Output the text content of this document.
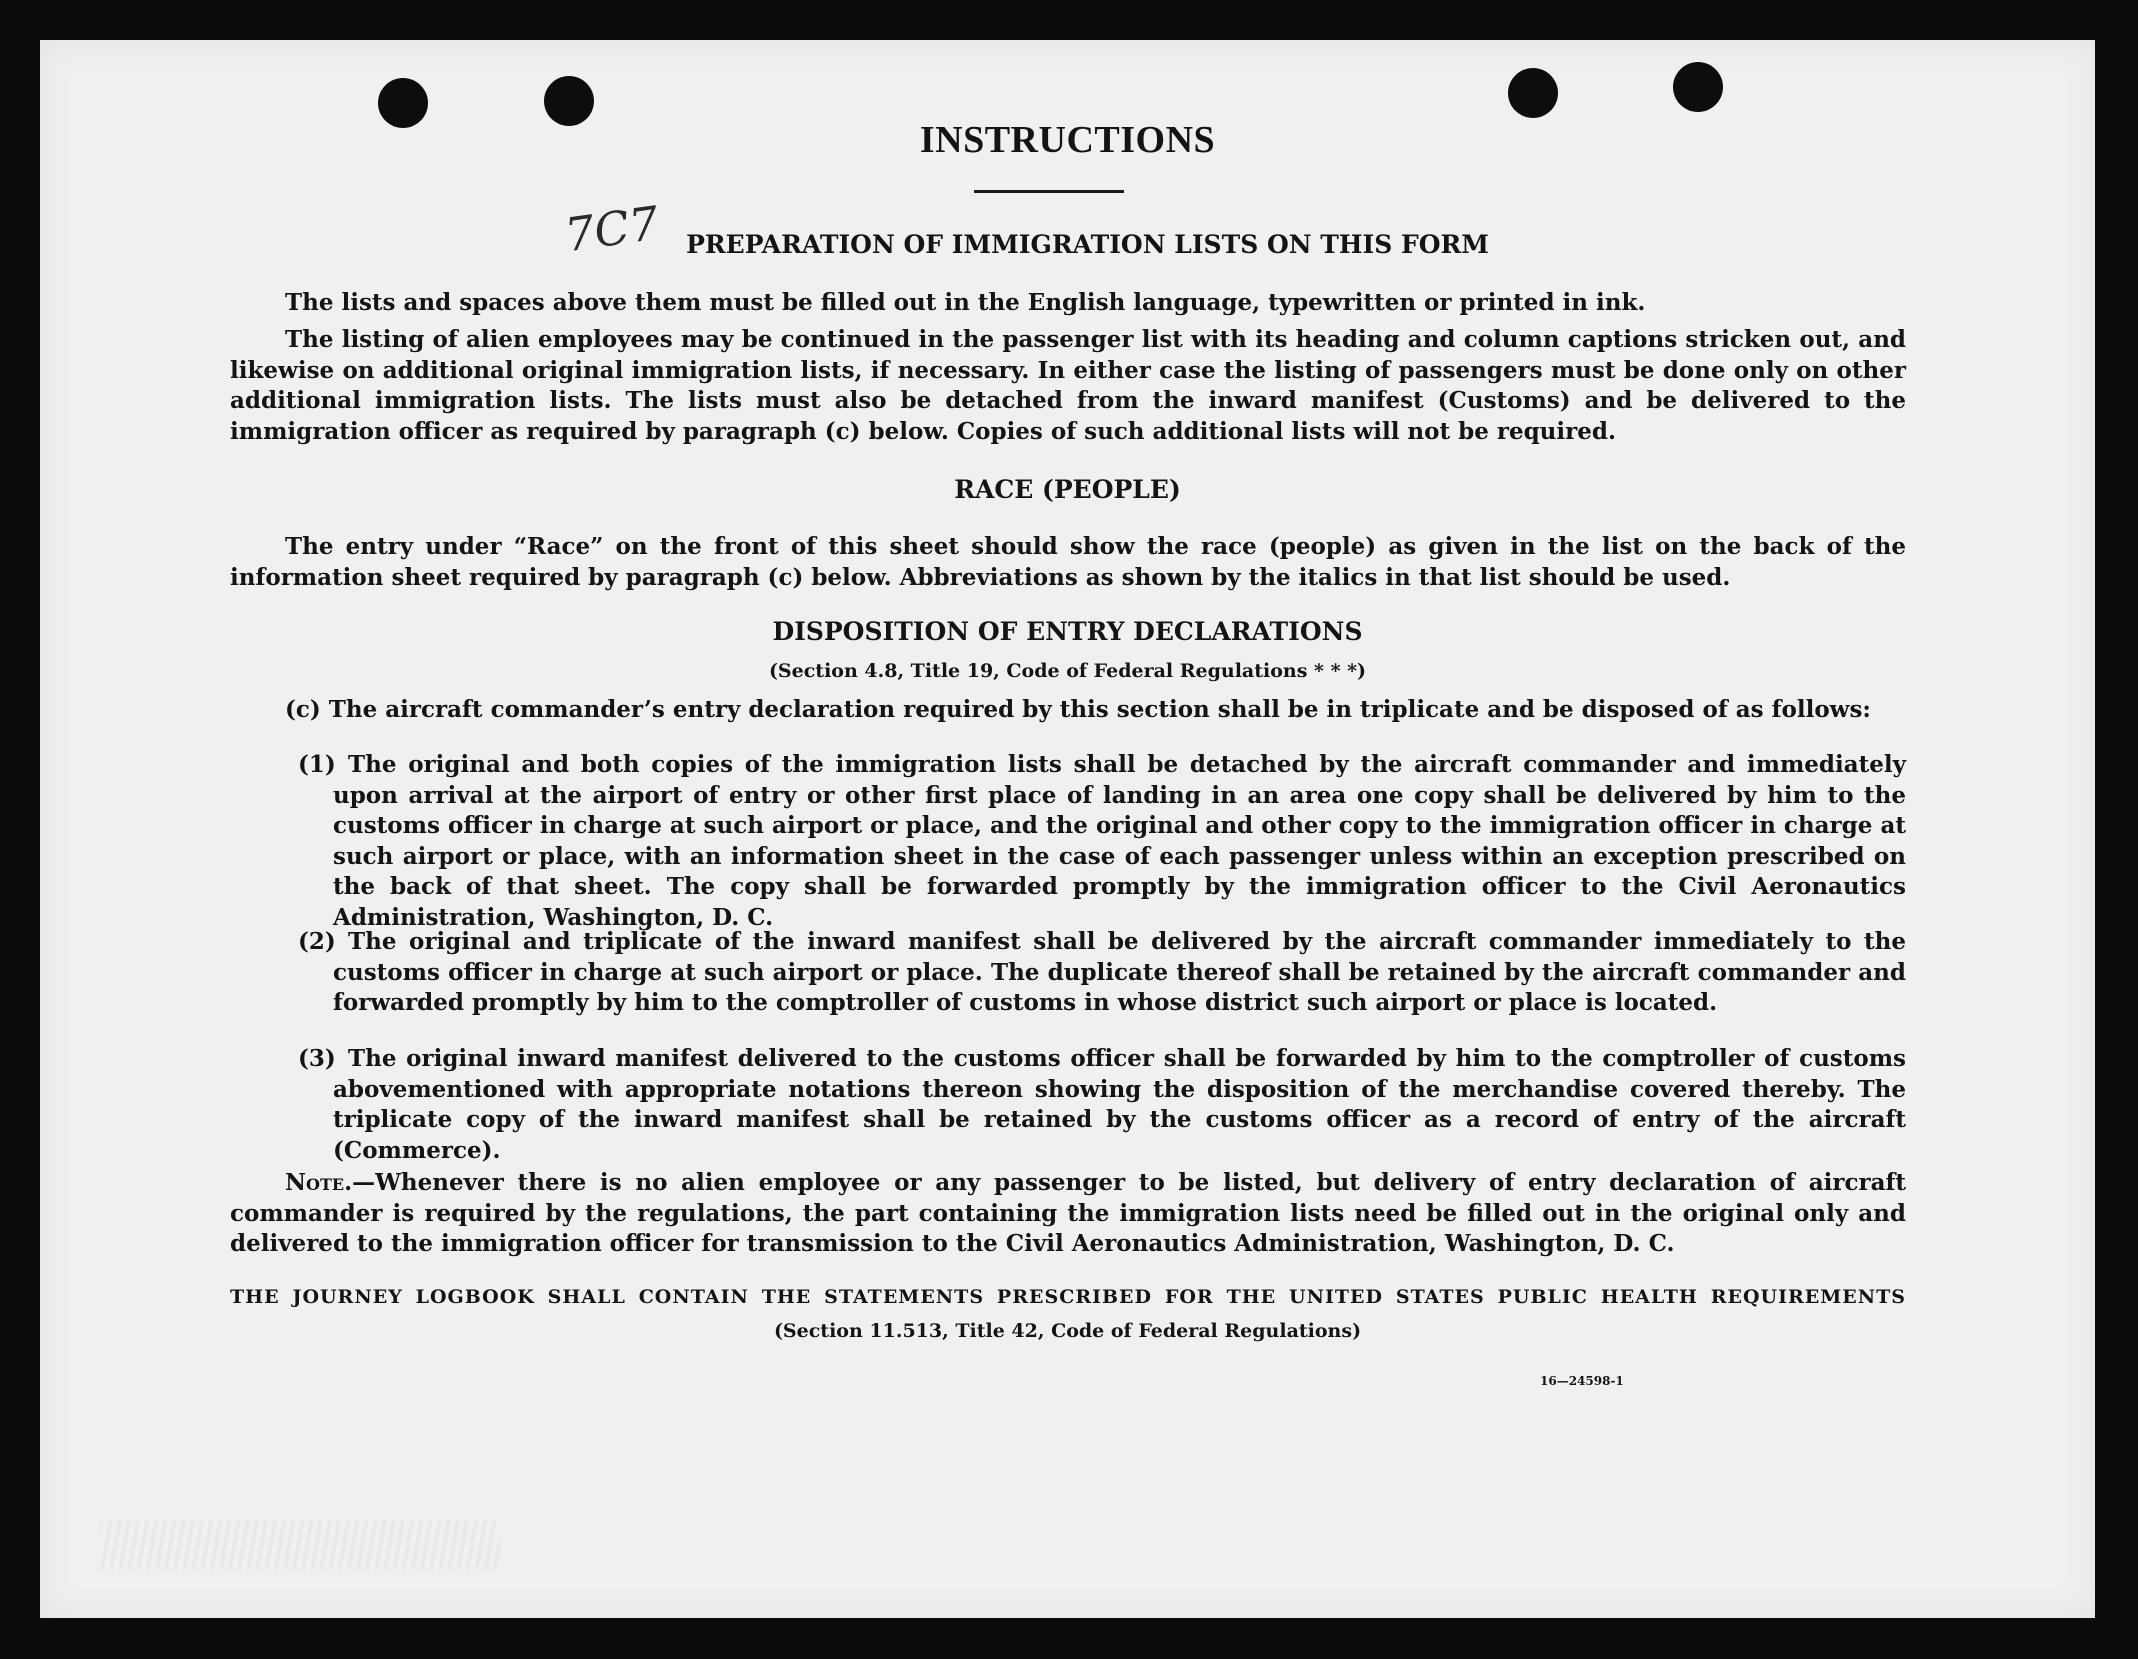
INSTRUCTIONS
7C7 PREPARATION OF IMMIGRATION LISTS ON THIS FORM
The lists and spaces above them must be filled out in the English language, typewritten or printed in ink.
The listing of alien employees may be continued in the passenger list with its heading and column captions stricken out, and likewise on additional original immigration lists, if necessary. In either case the listing of passengers must be done only on other additional immigration lists. The lists must also be detached from the inward manifest (Customs) and be delivered to the immigration officer as required by paragraph (c) below. Copies of such additional lists will not be required.
RACE (PEOPLE)
The entry under “Race” on the front of this sheet should show the race (people) as given in the list on the back of the information sheet required by paragraph (c) below. Abbreviations as shown by the italics in that list should be used.
DISPOSITION OF ENTRY DECLARATIONS
(Section 4.8, Title 19, Code of Federal Regulations * * *)
(c) The aircraft commander’s entry declaration required by this section shall be in triplicate and be disposed of as follows:
(1) The original and both copies of the immigration lists shall be detached by the aircraft commander and immediately upon arrival at the airport of entry or other first place of landing in an area one copy shall be delivered by him to the customs officer in charge at such airport or place, and the original and other copy to the immigration officer in charge at such airport or place, with an information sheet in the case of each passenger unless within an exception prescribed on the back of that sheet. The copy shall be forwarded promptly by the immigration officer to the Civil Aeronautics Administration, Washington, D. C.
(2) The original and triplicate of the inward manifest shall be delivered by the aircraft commander immediately to the customs officer in charge at such airport or place. The duplicate thereof shall be retained by the aircraft commander and forwarded promptly by him to the comptroller of customs in whose district such airport or place is located.
(3) The original inward manifest delivered to the customs officer shall be forwarded by him to the comptroller of customs abovementioned with appropriate notations thereon showing the disposition of the merchandise covered thereby. The triplicate copy of the inward manifest shall be retained by the customs officer as a record of entry of the aircraft (Commerce).
Note.—Whenever there is no alien employee or any passenger to be listed, but delivery of entry declaration of aircraft commander is required by the regulations, the part containing the immigration lists need be filled out in the original only and delivered to the immigration officer for transmission to the Civil Aeronautics Administration, Washington, D. C.
THE JOURNEY LOGBOOK SHALL CONTAIN THE STATEMENTS PRESCRIBED FOR THE UNITED STATES PUBLIC HEALTH REQUIREMENTS
(Section 11.513, Title 42, Code of Federal Regulations)
16—24598-1
